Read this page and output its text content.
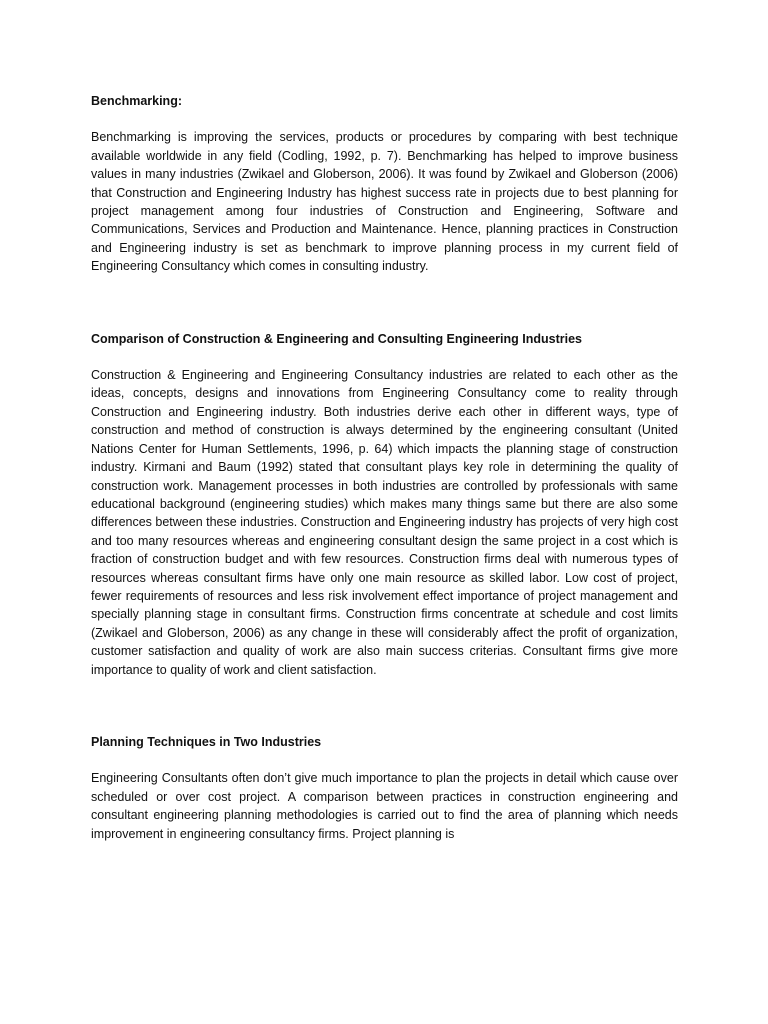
Benchmarking:

Benchmarking is improving the services, products or procedures by comparing with best technique available worldwide in any field (Codling, 1992, p. 7). Benchmarking has helped to improve business values in many industries (Zwikael and Globerson, 2006). It was found by Zwikael and Globerson (2006) that Construction and Engineering Industry has highest success rate in projects due to best planning for project management among four industries of Construction and Engineering, Software and Communications, Services and Production and Maintenance. Hence, planning practices in Construction and Engineering industry is set as benchmark to improve planning process in my current field of Engineering Consultancy which comes in consulting industry.

Comparison of Construction & Engineering and Consulting Engineering Industries

Construction & Engineering and Engineering Consultancy industries are related to each other as the ideas, concepts, designs and innovations from Engineering Consultancy come to reality through Construction and Engineering industry. Both industries derive each other in different ways, type of construction and method of construction is always determined by the engineering consultant (United Nations Center for Human Settlements, 1996, p. 64) which impacts the planning stage of construction industry. Kirmani and Baum (1992) stated that consultant plays key role in determining the quality of construction work. Management processes in both industries are controlled by professionals with same educational background (engineering studies) which makes many things same but there are also some differences between these industries. Construction and Engineering industry has projects of very high cost and too many resources whereas and engineering consultant design the same project in a cost which is fraction of construction budget and with few resources. Construction firms deal with numerous types of resources whereas consultant firms have only one main resource as skilled labor. Low cost of project, fewer requirements of resources and less risk involvement effect importance of project management and specially planning stage in consultant firms. Construction firms concentrate at schedule and cost limits (Zwikael and Globerson, 2006) as any change in these will considerably affect the profit of organization, customer satisfaction and quality of work are also main success criterias. Consultant firms give more importance to quality of work and client satisfaction.

Planning Techniques in Two Industries

Engineering Consultants often don’t give much importance to plan the projects in detail which cause over scheduled or over cost project. A comparison between practices in construction engineering and consultant engineering planning methodologies is carried out to find the area of planning which needs improvement in engineering consultancy firms. Project planning is
